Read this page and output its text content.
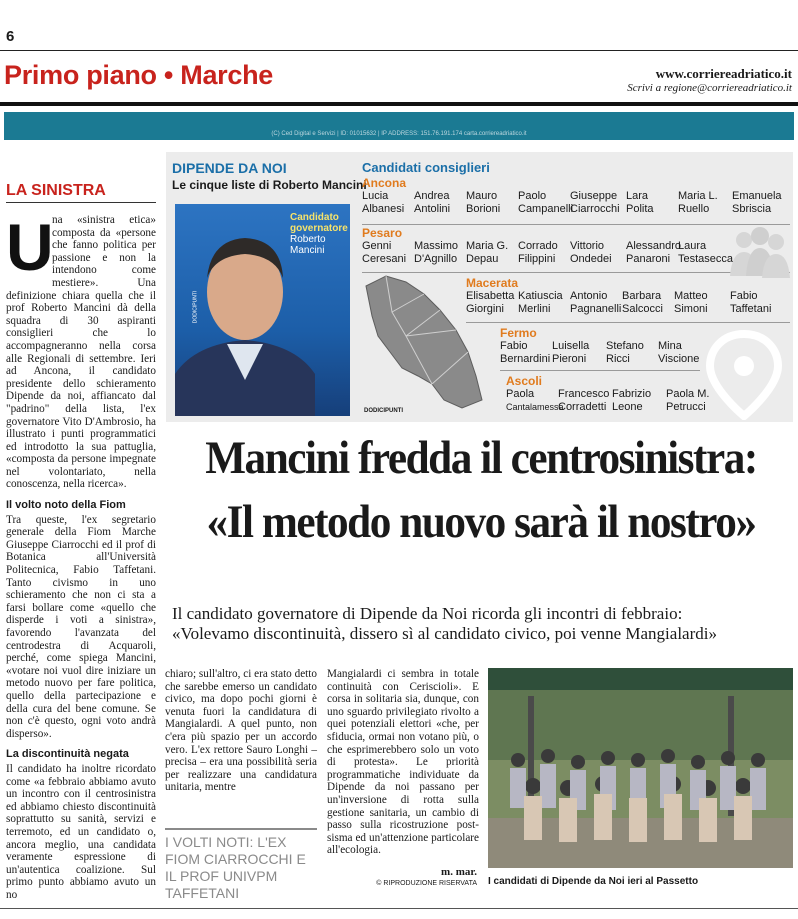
6
Primo piano • Marche	www.corriereadriatico.it
Scrivi a regione@corriereadriatico.it
(C) Ced Digital e Servizi | ID: 01015632 | IP ADDRESS: 151.76.191.174 carta.corriereadriatico.it
LA SINISTRA
na «sinistra etica» composta da «persone che fanno politica per passione e non la intendono come mestiere». Una definizione chiara quella che il prof Roberto Mancini dà della squadra di 30 aspiranti consiglieri che lo accompagneranno nella corsa alle Regionali di settembre. Ieri ad Ancona, il candidato presidente dello schieramento Dipende da noi, affiancato dal "padrino" della lista, l'ex governatore Vito D'Ambrosio, ha illustrato i punti programmatici ed introdotto la sua pattuglia, «composta da persone impegnate nel volontariato, nella conoscenza, nella ricerca».
Il volto noto della Fiom
Tra queste, l'ex segretario generale della Fiom Marche Giuseppe Ciarrocchi ed il prof di Botanica all'Università Politecnica, Fabio Taffetani. Tanto civismo in uno schieramento che non ci sta a farsi bollare come «quello che disperde i voti a sinistra», favorendo l'avanzata del centrodestra di Acquaroli, perché, come spiega Mancini, «votare noi vuol dire iniziare un metodo nuovo per fare politica, quello della partecipazione e della cura del bene comune. Se non c'è questo, ogni voto andrà disperso».
La discontinuità negata
Il candidato ha inoltre ricordato come «a febbraio abbiamo avuto un incontro con il centrosinistra ed abbiamo chiesto discontinuità soprattutto su sanità, servizi e terremoto, ed un candidato o, ancora meglio, una candidata veramente espressione di un'autentica coalizione. Sul primo punto abbiamo avuto un no
U
DIPENDE DA NOI
Le cinque liste di Roberto Mancini
DODICIPUNTI
Candidato
governatore
Roberto
Mancini
Candidati consiglieri
Ancona
Lucia
Albanesi
Andrea
Antolini
Mauro
Borioni
Paolo
Campanelli
Giuseppe
Ciarrocchi
Lara
Polita
Maria L.
Ruello
Emanuela
Sbriscia
Pesaro
Genni
Ceresani
Massimo
D'Agnillo
Maria G.
Depau
Corrado
Filippini
Vittorio
Ondedei
Alessandro
Panaroni
Laura
Testasecca
Macerata
Elisabetta
Giorgini
Katiuscia
Merlini
Antonio
Pagnanelli
Barbara
Salcocci
Matteo
Simoni
Fabio
Taffetani
Fermo
Fabio
Bernardini
Luisella
Pieroni
Stefano
Ricci
Mina
Viscione
Ascoli
Paola
Cantalamessa
Francesco
Corradetti
Fabrizio
Leone
Paola M.
Petrucci
DODICIPUNTI
Mancini fredda il centrosinistra:
«Il metodo nuovo sarà il nostro»
Il candidato governatore di Dipende da Noi ricorda gli incontri di febbraio:
«Volevamo discontinuità, dissero sì al candidato civico, poi venne Mangialardi»
chiaro; sull'altro, ci era stato detto che sarebbe emerso un candidato civico, ma dopo pochi giorni è venuta fuori la candidatura di Mangialardi. A quel punto, non c'era più spazio per un accordo vero. L'ex rettore Sauro Longhi – precisa – era una possibilità seria per realizzare una candidatura unitaria, mentre
I VOLTI NOTI: L'EX FIOM CIARROCCHI E IL PROF UNIVPM TAFFETANI
Mangialardi ci sembra in totale continuità con Ceriscioli». E corsa in solitaria sia, dunque, con uno sguardo privilegiato rivolto a quei potenziali elettori «che, per sfiducia, ormai non votano più, o che esprimerebbero solo un voto di protesta». Le priorità programmatiche individuate da Dipende da noi passano per un'inversione di rotta sulla gestione sanitaria, un cambio di passo sulla ricostruzione post-sisma ed un'attenzione particolare all'ecologia.
m. mar.
© RIPRODUZIONE RISERVATA I candidati di Dipende da Noi ieri al Passetto
